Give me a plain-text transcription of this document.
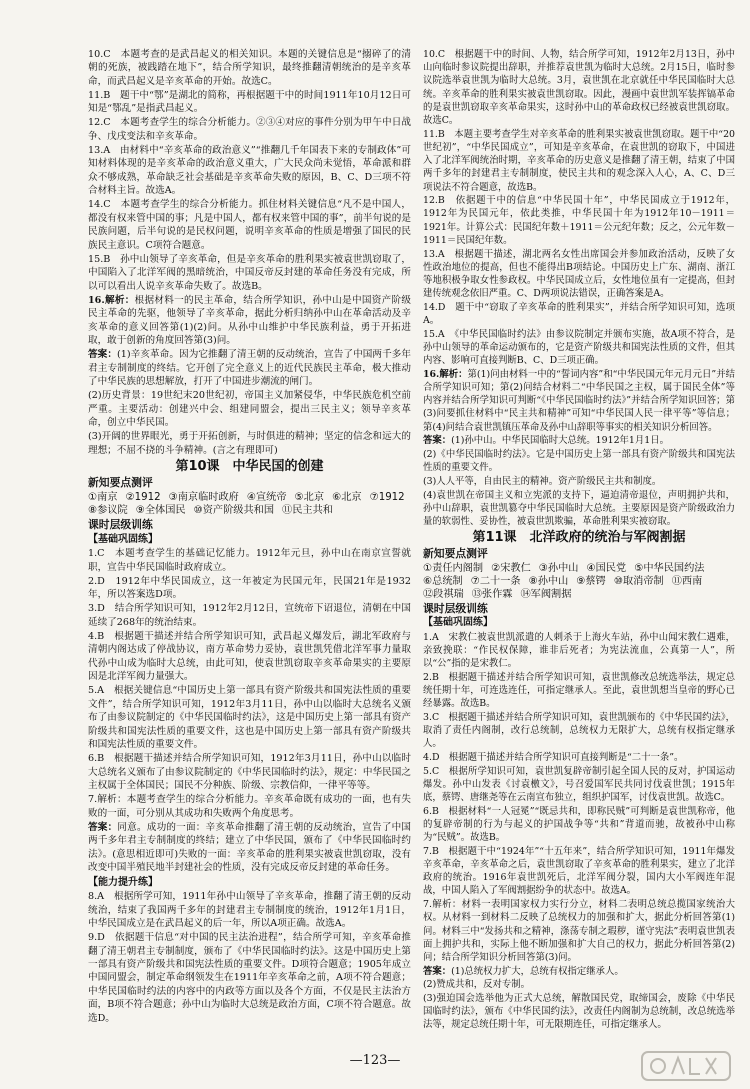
10.C　本题考查的是武昌起义的相关知识。本题的关键信息是“搦碎了的清朝的死族，被践踏在地下”，结合所学知识，最终推翻清朝统治的是辛亥革命，而武昌起义是辛亥革命的开始。故选C。
11.B　题干中“鄂”是湖北的简称，再根据题干中的时间1911年10月12日可知是“鄂乱”是指武昌起义。
12.C　本题考查学生的综合分析能力。②③④对应的事件分别为甲午中日战争、戊戌变法和辛亥革命。
13.A　由材料中“辛亥革命的政治意义”“推翻几千年国表下来的专制政体”可知材料体现的是辛亥革命的政治意义重大，广大民众尚未觉悟，革命派和群众不够成熟，革命缺乏社会基础是辛亥革命失败的原因，B、C、D三项不符合材料主旨。故选A。
14.C　本题考查学生的综合分析能力。抓住材料关键信息“凡不是中国人，都没有权来管中国的事；凡是中国人，都有权来管中国的事”，前半句说的是民族问题，后半句说的是民权问题，说明辛亥革命的性质是增强了国民的民族民主意识。C项符合题意。
15.B　孙中山领导了辛亥革命，但是辛亥革命的胜利果实被袁世凯窃取了，中国陷入了北洋军阀的黑暗统治，中国反帝反封建的革命任务没有完成，所以可以看出人说辛亥革命失败了。故选B。
16.解析：根据材料一的民主革命，结合所学知识，孙中山是中国资产阶级民主革命的先驱，他领导了辛亥革命，据此分析归纳孙中山在革命活动及辛亥革命的意义回答第(1)(2)问。从孙中山维护中华民族利益，勇于开拓进取，敢于创新的角度回答第(3)问。
答案：(1)辛亥革命。因为它推翻了清王朝的反动统治，宣告了中国两千多年君主专制制度的终结。它开创了完全意义上的近代民族民主革命，极大推动了中华民族的思想解放，打开了中国进步潮流的闸门。
(2)历史背景：19世纪末20世纪初，帝国主义加紧侵华，中华民族危机空前严重。主要活动：创建兴中会、组建同盟会，提出三民主义；领导辛亥革命，创立中华民国。
(3)开阔的世界眼光，勇于开拓创新，与时俱进的精神；坚定的信念和远大的理想；不屈不挠的斗争精神。(言之有理即可)
第10课　 中华民国的创建
新知要点测评
①南京 ②1912 ③南京临时政府 ④宣统帝 ⑤北京 ⑥北京 ⑦1912
⑧参议院 ⑨全体国民 ⑩资产阶级共和国 ⑪民主共和
课时层级训练
【基础巩固练】
1.C　本题考查学生的基础记忆能力。1912年元旦，孙中山在南京宣誓就职，宣告中华民国临时政府成立。
2.D　1912年中华民国成立，这一年被定为民国元年，民国21年是1932年，所以答案选D项。
3.D　结合所学知识可知，1912年2月12日，宣统帝下诏退位，清朝在中国延续了268年的统治结束。
4.B　根据题干描述并结合所学知识可知，武昌起义爆发后，湖北军政府与清朝内阁达成了停战协议，南方革命势力妥协，袁世凯凭借北洋军事力量取代孙中山成为临时大总统，由此可知，使袁世凯窃取辛亥革命果实的主要原因是北洋军阀力量强大。
5.A　根据关键信息“中国历史上第一部具有资产阶级共和国宪法性质的重要文件”，结合所学知识可知，1912年3月11日，孙中山以临时大总统名义颁布了由参议院制定的《中华民国临时约法》，这是中国历史上第一部具有资产阶级共和国宪法性质的重要文件，这也是中国历史上第一部具有资产阶级共和国宪法性质的重要文件。
6.B　根据题干描述并结合所学知识可知，1912年3月11日，孙中山以临时大总统名义颁布了由参议院制定的《中华民国临时约法》，规定：中华民国之主权属于全体国民；国民不分种族、阶级、宗教信仰，一律平等等。
7.解析：本题考查学生的综合分析能力。辛亥革命既有成功的一面，也有失败的一面，可分别从其成功和失败两个角度思考。
答案：同意。成功的一面：辛亥革命推翻了清王朝的反动统治，宣告了中国两千多年君主专制制度的终结；建立了中华民国，颁布了《中华民国临时约法》。(意思相近即可)失败的一面：辛亥革命的胜利果实被袁世凯窃取，没有改变中国半殖民地半封建社会的性质，没有完成反帝反封建的革命任务。
【能力提升练】
8.A　根据所学可知，1911年孙中山领导了辛亥革命，推翻了清王朝的反动统治，结束了我国两千多年的封建君主专制制度的统治，1912年1月1日，中华民国成立是在武昌起义的后一年，所以A项正确。故选A。
9.D　依据题干信息“对中国的民主法治进程”，结合所学可知，辛亥革命推翻了清王朝君主专制制度，颁布了《中华民国临时约法》。这是中国历史上第一部具有资产阶级共和国宪法性质的重要文件。D项符合题意；1905年成立中国同盟会，制定革命纲领发生在1911年辛亥革命之前，A项不符合题意；中华民国临时约法的内容中的内政等方面以及各个方面，不仅是民主法治方面，B项不符合题意；孙中山为临时大总统是政治方面，C项不符合题意。故选D。
10.C　根据题干中的时间、人物，结合所学可知，1912年2月13日，孙中山向临时参议院提出辞职，并推荐袁世凯为临时大总统。2月15日，临时参议院选举袁世凯为临时大总统。3月，袁世凯在北京就任中华民国临时大总统。辛亥革命的胜利果实被袁世凯窃取。因此，漫画中袁世凯军装挥镐革命的是袁世凯窃取辛亥革命果实，这时孙中山的革命政权已经被袁世凯窃取。故选C。
11.B　本题主要考查学生对辛亥革命的胜利果实被袁世凯窃取。题干中“20世纪初”，“中华民国成立”，可知是辛亥革命，在袁世凯的窃取下，中国进入了北洋军阀统治时期，辛亥革命的历史意义是推翻了清王朝，结束了中国两千多年的封建君主专制制度，使民主共和的观念深入人心，A、C、D三项说法不符合题意，故选B。
12.B　依据题干中的信息“中华民国十年”，中华民国成立于1912年，1912年为民国元年，依此类推，中华民国十年为1912年10－1911＝1921年。计算公式：民国纪年数＋1911＝公元纪年数；反之，公元年数－1911＝民国纪年数。
13.A　根据题干描述，湖北两名女性出席国会并参加政治活动，反映了女性政治地位的提高，但也不能得出B项结论。中国历史上广东、湖南、浙江等地积极争取女性参政权。中华民国成立后，女性地位虽有一定提高，但封建传统观念依旧严重。C、D两项说法错误，正确答案是A。
14.D　题干中“窃取了辛亥革命的胜利果实”，并结合所学知识可知，选项A。
15.A　《中华民国临时约法》由参议院制定并颁布实施，故A项不符合，是孙中山领导的革命运动颁布的，它是资产阶级共和国宪法性质的文件，但其内容、影响可直接判断B、C、D三项正确。
16.解析：第(1)问由材料一中的“誓词内容”和“中华民国元年元月元日”并结合所学知识可知；第(2)问结合材料二“中华民国之主权，属于国民全体”等内容并结合所学知识可判断“《中华民国临时约法》”并结合所学知识回答；第(3)问要抓住材料中“民主共和精神”可知“中华民国人民一律平等”等信息；第(4)问结合袁世凯镇压革命及孙中山辞职等事实的相关知识分析回答。
答案：(1)孙中山。中华民国临时大总统。1912年1月1日。
(2)《中华民国临时约法》。它是中国历史上第一部具有资产阶级共和国宪法性质的重要文件。
(3)人人平等，自由民主的精神。资产阶级民主共和制度。
(4)袁世凯在帝国主义和立宪派的支持下，逼迫清帝退位，声明拥护共和，孙中山辞职，袁世凯篡夺中华民国临时大总统。主要原因是资产阶级政治力量的软弱性、妥协性，被袁世凯欺骗，革命胜利果实被窃取。
第11课　 北洋政府的统治与军阀割据
新知要点测评
①责任内阁制 ②宋教仁 ③孙中山 ④国民党 ⑤中华民国约法
⑥总统制 ⑦二十一条 ⑧孙中山 ⑨蔡锷 ⑩取消帝制 ⑪西南
⑫段祺瑞 ⑬张作霖 ⑭军阀割据
课时层级训练
【基础巩固练】
1.A　宋教仁被袁世凯派遣的人刺杀于上海火车站，孙中山闻宋教仁遇难，亲致挽联：“作民权保障，谁非后死者；为宪法流血，公真第一人”，所以“公”指的是宋教仁。
2.B　根据题干描述并结合所学知识可知，袁世凯修改总统选举法，规定总统任期十年，可连选连任，可指定继承人。至此，袁世凯想当皇帝的野心已经暴露。故选B。
3.C　根据题干描述并结合所学知识可知，袁世凯颁布的《中华民国约法》，取消了责任内阁制，改行总统制，总统权力无限扩大，总统有权指定继承人。
4.D　根据题干描述并结合所学知识可直接判断是“二十一条”。
5.C　根据所学知识可知，袁世凯复辟帝制引起全国人民的反对，护国运动爆发。孙中山发表《讨袁檄文》，号召爱国军民共同讨伐袁世凯；1915年底，蔡锷、唐继尧等在云南宣布独立，组织护国军，讨伐袁世凯。故选C。
6.B　根据材料“一人冠冕”“既忌共和，即称民贼”可判断是袁世凯称帝，他的复辟帝制的行为与起义的护国战争等“共和”背道而驰，故被孙中山称为“民贼”。故选B。
7.B　根据题干中“1924年”“十五年来”，结合所学知识可知，1911年爆发辛亥革命，辛亥革命之后，袁世凯窃取了辛亥革命的胜利果实，建立了北洋政府的统治。1916年袁世凯死后，北洋军阀分裂，国内大小军阀连年混战，中国人陷入了军阀割据纷争的状态中。故选A。
7.解析：材料一表明国家权力实行分立，材料二表明总统总揽国家统治大权。从材料一到材料二反映了总统权力的加强和扩大，据此分析回答第(1)问。材料三中“发扬共和之精神，涤荡专制之瑕秽，谨守宪法”表明袁世凯表面上拥护共和，实际上他不断加强和扩大自己的权力，据此分析回答第(2)问；结合所学知识分析回答第(3)问。
答案：(1)总统权力扩大，总统有权指定继承人。
(2)赞成共和，反对专制。
(3)强迫国会选举他为正式大总统，解散国民党，取缔国会，废除《中华民国临时约法》，颁布《中华民国约法》，改责任内阁制为总统制，改总统选举法等，规定总统任期十年，可无限期连任，可指定继承人。
—123—
